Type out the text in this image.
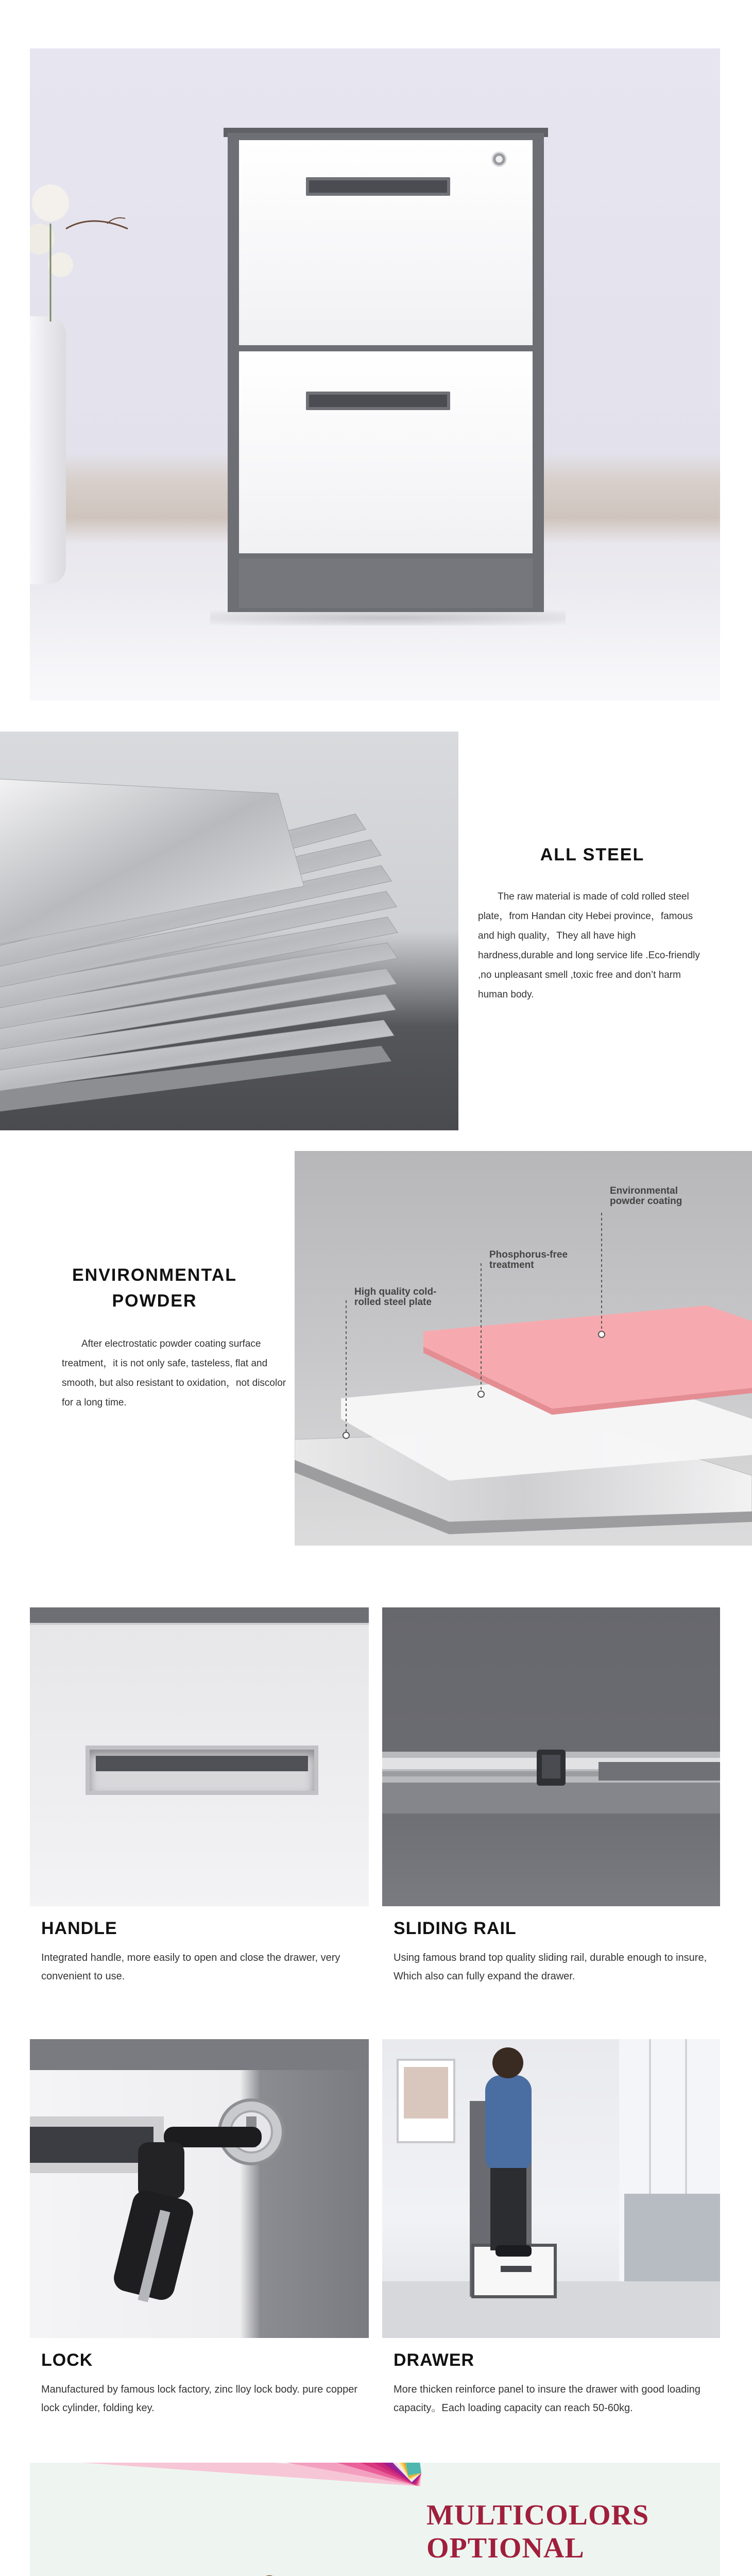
ALL STEEL

The raw material is made of cold rolled steel plate，from Handan city Hebei province，famous and high quality，They all have high hardness,durable and long service life .Eco-friendly ,no unpleasant smell ,toxic free and don’t harm human body.

ENVIRONMENTAL
POWDER

After electrostatic powder coating surface treatment，it is not only safe, tasteless, flat and smooth, but also resistant to oxidation，not discolor for a long time.

Environmental
powder coating
Phosphorus-free
treatment
High quality cold-
rolled steel plate
HANDLE

Integrated handle, more easily to open and close the drawer, very convenient to use.

SLIDING RAIL

Using famous brand top quality sliding rail, durable enough to insure, Which also can fully expand the drawer.

LOCK

Manufactured by famous lock factory, zinc lloy lock body. pure copper lock cylinder, folding key.

DRAWER

More thicken reinforce panel to insure the drawer with good loading capacity。Each loading capacity can reach 50-60kg.

MULTICOLORS
OPTIONAL
